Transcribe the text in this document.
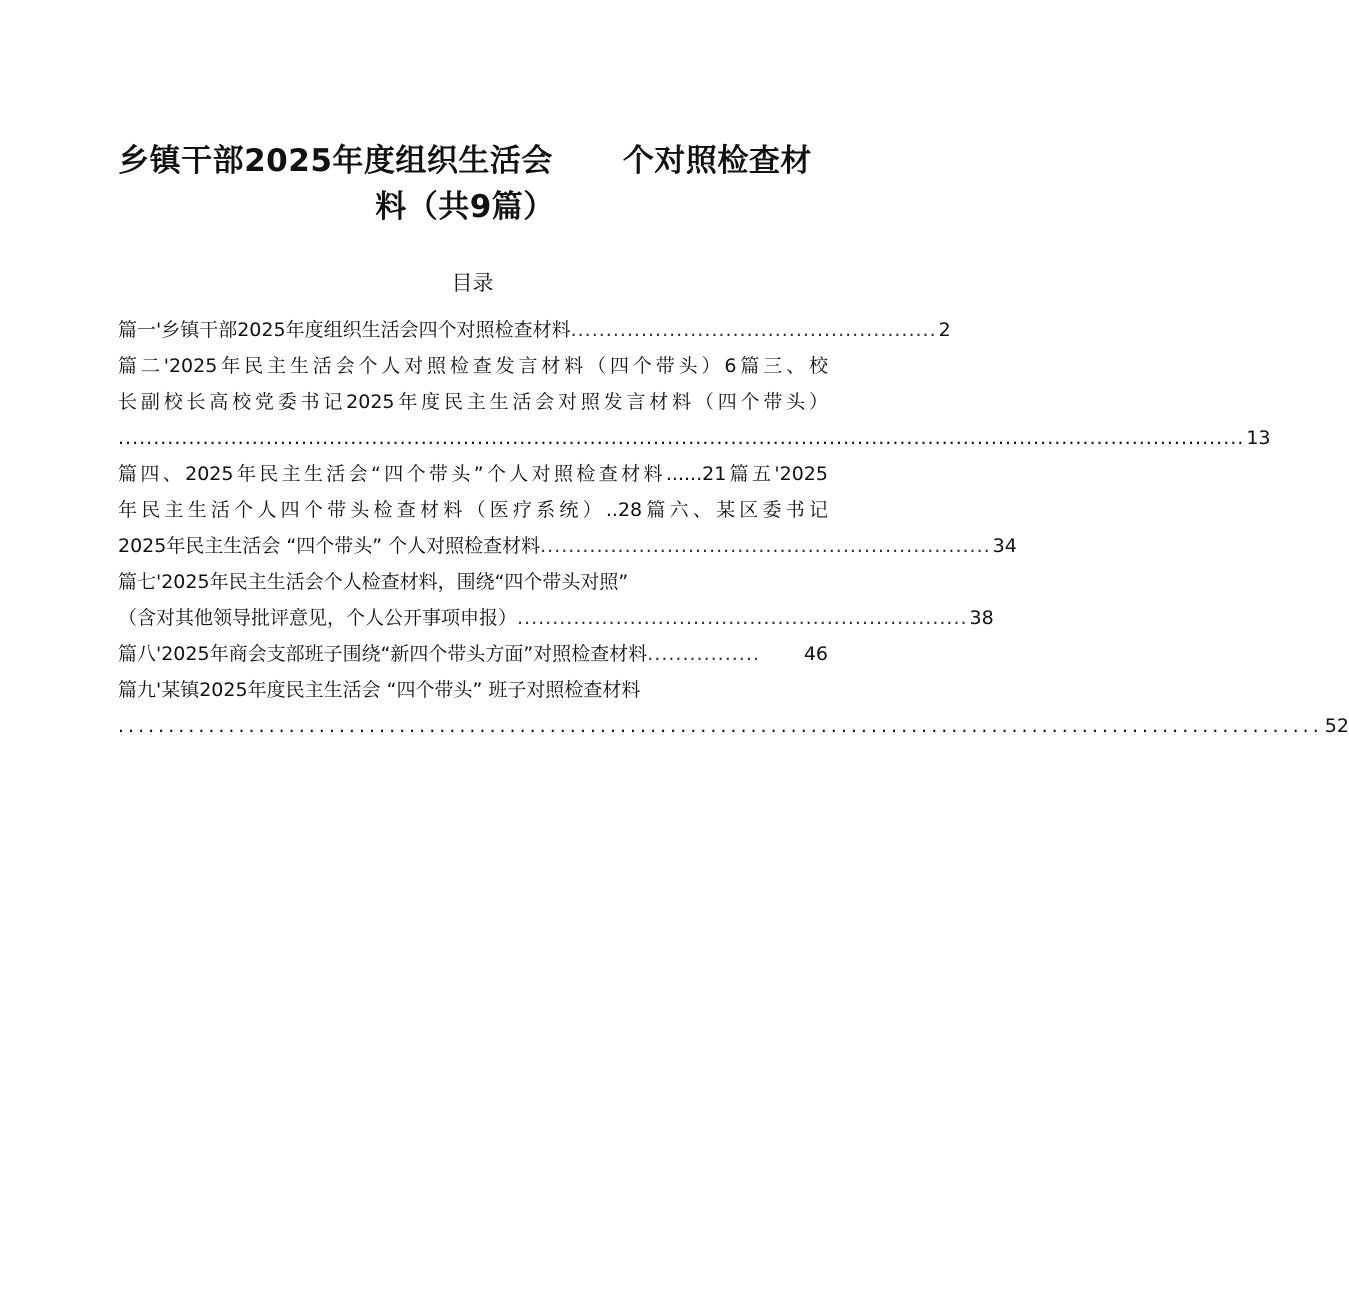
乡镇干部2025年度组织生活会 个对照检查材
料（共9篇）
目录
篇一'乡镇干部2025年度组织生活会四个对照检查材料 .................................................... 2
篇二'2025年民主生活会个人对照检查发言材料（四个带头）6篇三、校
长副校长高校党委书记2025年度民主生活会对照发言材料（四个带头）
................................................................................................................................................................ 13
篇四、2025年民主生活会“四个带头”个人对照检查材料......21篇五'2025
年民主生活个人四个带头检查材料（医疗系统）..28篇六、某区委书记
2025年民主生活会 “四个带头” 个人对照检查材料 ................................................................ 34
篇七'2025年民主生活会个人检查材料，围绕“四个带头对照”
（含对其他领导批评意见，个人公开事项申报） ................................................................ 38
篇八'2025年商会支部班子围绕“新四个带头方面”对照检查材料 ................	46
篇九'某镇2025年度民主生活会 “四个带头” 班子对照检查材料
........................................................................................................................ 52
